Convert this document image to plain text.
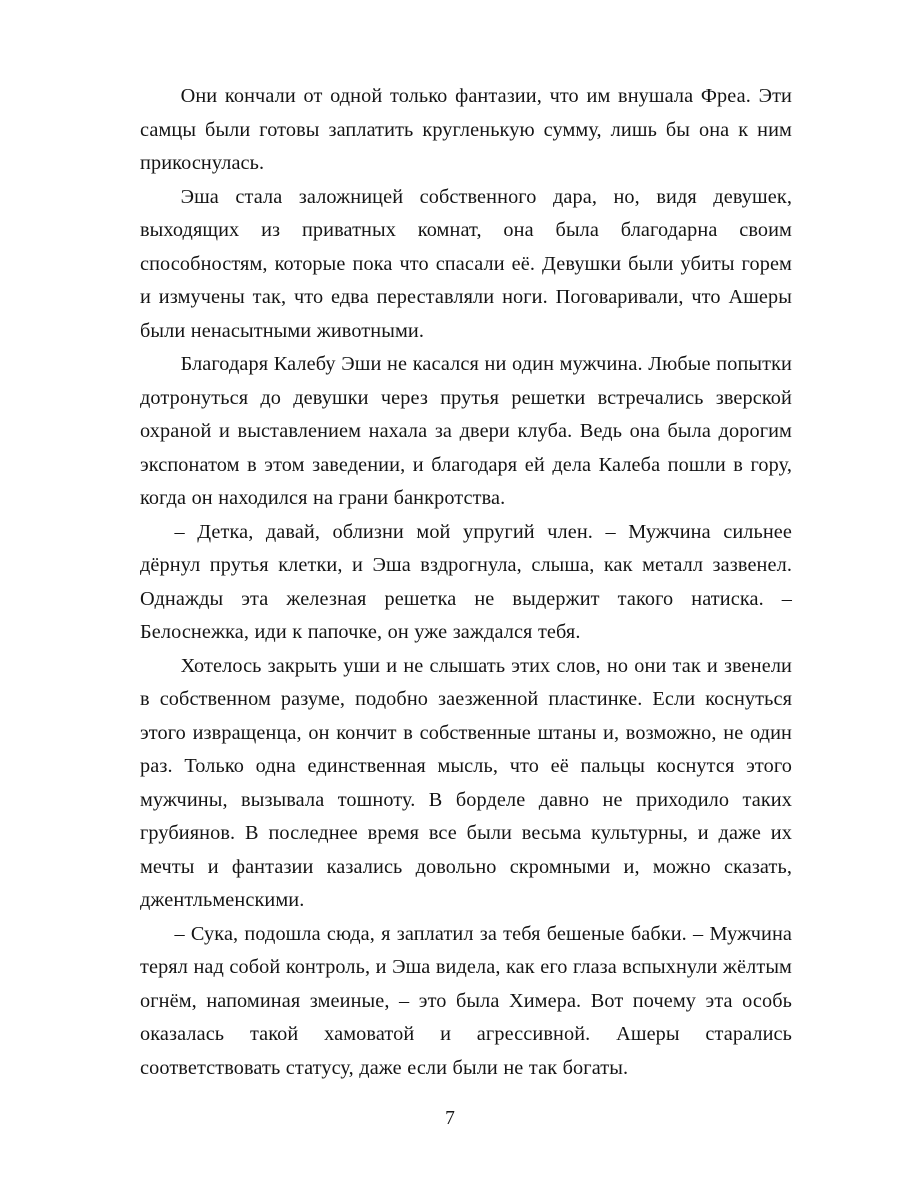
Они кончали от одной только фантазии, что им внушала Фреа. Эти самцы были готовы заплатить кругленькую сумму, лишь бы она к ним прикоснулась.

Эша стала заложницей собственного дара, но, видя девушек, выходящих из приватных комнат, она была благодарна своим способностям, которые пока что спасали её. Девушки были убиты горем и измучены так, что едва переставляли ноги. Поговаривали, что Ашеры были ненасытными животными.

Благодаря Калебу Эши не касался ни один мужчина. Любые попытки дотронуться до девушки через прутья решетки встречались зверской охраной и выставлением нахала за двери клуба. Ведь она была дорогим экспонатом в этом заведении, и благодаря ей дела Калеба пошли в гору, когда он находился на грани банкротства.

– Детка, давай, облизни мой упругий член. – Мужчина сильнее дёрнул прутья клетки, и Эша вздрогнула, слыша, как металл зазвенел. Однажды эта железная решетка не выдержит такого натиска. – Белоснежка, иди к папочке, он уже заждался тебя.

Хотелось закрыть уши и не слышать этих слов, но они так и звенели в собственном разуме, подобно заезженной пластинке. Если коснуться этого извращенца, он кончит в собственные штаны и, возможно, не один раз. Только одна единственная мысль, что её пальцы коснутся этого мужчины, вызывала тошноту. В борделе давно не приходило таких грубиянов. В последнее время все были весьма культурны, и даже их мечты и фантазии казались довольно скромными и, можно сказать, джентльменскими.

– Сука, подошла сюда, я заплатил за тебя бешеные бабки. – Мужчина терял над собой контроль, и Эша видела, как его глаза вспыхнули жёлтым огнём, напоминая змеиные, – это была Химера. Вот почему эта особь оказалась такой хамоватой и агрессивной. Ашеры старались соответствовать статусу, даже если были не так богаты.

7
